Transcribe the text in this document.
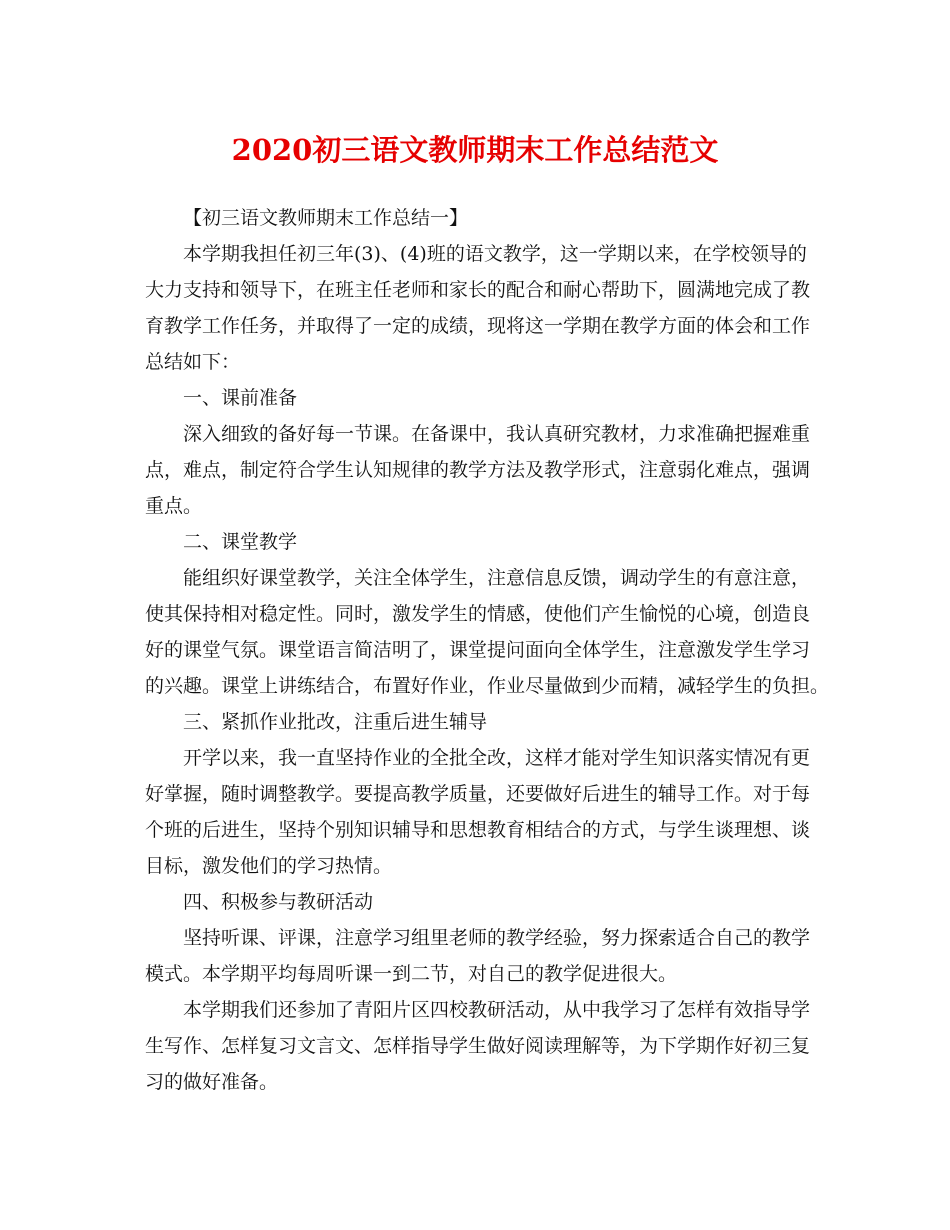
2020初三语文教师期末工作总结范文
【初三语文教师期末工作总结一】
本学期我担任初三年(3)、(4)班的语文教学，这一学期以来，在学校领导的
大力支持和领导下，在班主任老师和家长的配合和耐心帮助下，圆满地完成了教
育教学工作任务，并取得了一定的成绩，现将这一学期在教学方面的体会和工作
总结如下：
一、课前准备
深入细致的备好每一节课。在备课中，我认真研究教材，力求准确把握难重
点，难点，制定符合学生认知规律的教学方法及教学形式，注意弱化难点，强调
重点。
二、课堂教学
能组织好课堂教学，关注全体学生，注意信息反馈，调动学生的有意注意，
使其保持相对稳定性。同时，激发学生的情感，使他们产生愉悦的心境，创造良
好的课堂气氛。课堂语言简洁明了，课堂提问面向全体学生，注意激发学生学习
的兴趣。课堂上讲练结合，布置好作业，作业尽量做到少而精，减轻学生的负担。
三、紧抓作业批改，注重后进生辅导
开学以来，我一直坚持作业的全批全改，这样才能对学生知识落实情况有更
好掌握，随时调整教学。要提高教学质量，还要做好后进生的辅导工作。对于每
个班的后进生，坚持个别知识辅导和思想教育相结合的方式，与学生谈理想、谈
目标，激发他们的学习热情。
四、积极参与教研活动
坚持听课、评课，注意学习组里老师的教学经验，努力探索适合自己的教学
模式。本学期平均每周听课一到二节，对自己的教学促进很大。
本学期我们还参加了青阳片区四校教研活动，从中我学习了怎样有效指导学
生写作、怎样复习文言文、怎样指导学生做好阅读理解等，为下学期作好初三复
习的做好准备。
